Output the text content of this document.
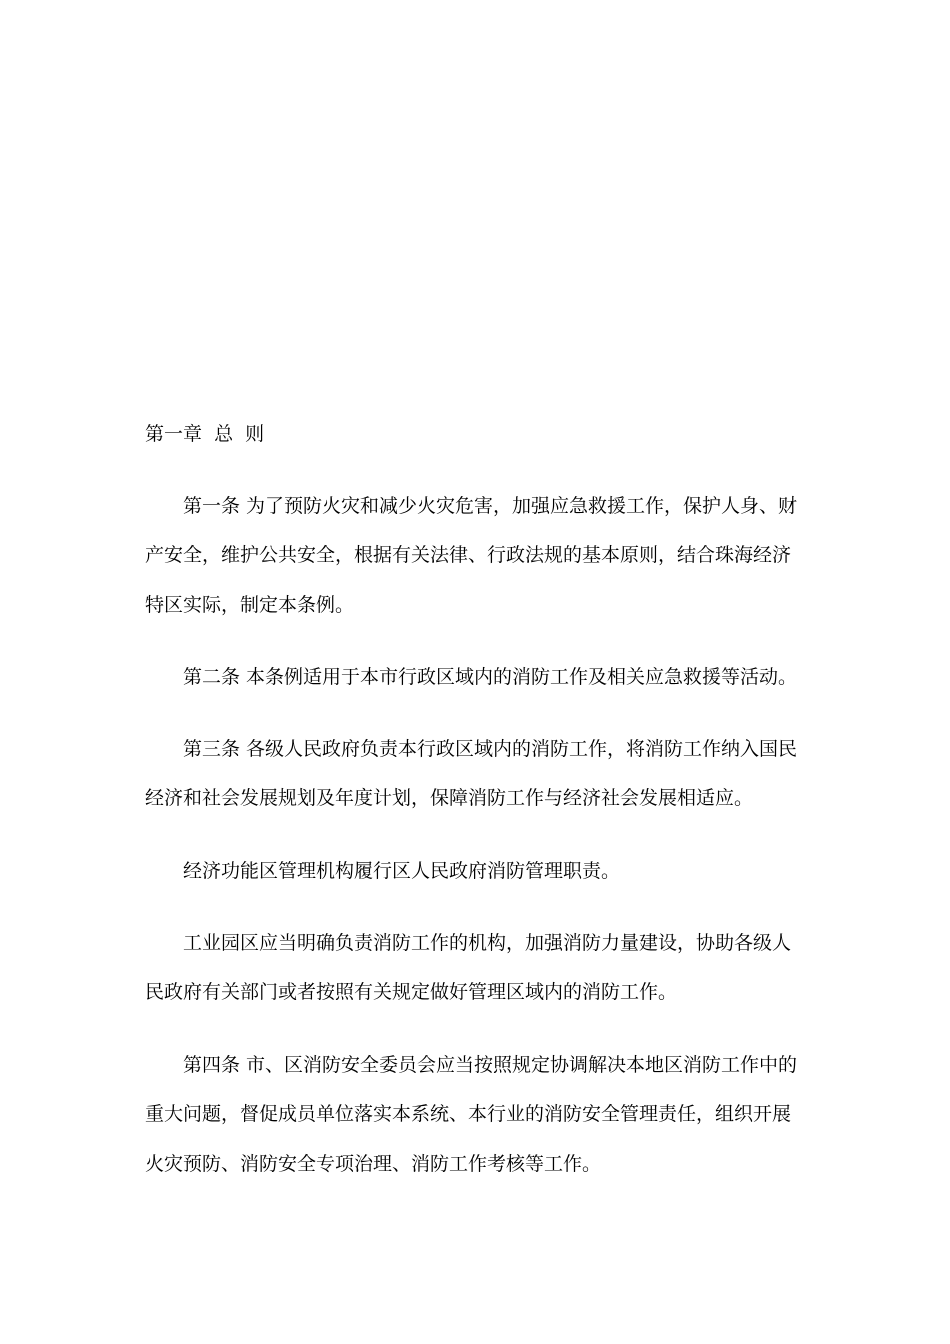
第一章  总  则

第一条 为了预防火灾和减少火灾危害，加强应急救援工作，保护人身、财

产安全，维护公共安全，根据有关法律、行政法规的基本原则，结合珠海经济

特区实际，制定本条例。

第二条 本条例适用于本市行政区域内的消防工作及相关应急救援等活动。

第三条 各级人民政府负责本行政区域内的消防工作，将消防工作纳入国民

经济和社会发展规划及年度计划，保障消防工作与经济社会发展相适应。

经济功能区管理机构履行区人民政府消防管理职责。

工业园区应当明确负责消防工作的机构，加强消防力量建设，协助各级人

民政府有关部门或者按照有关规定做好管理区域内的消防工作。

第四条 市、区消防安全委员会应当按照规定协调解决本地区消防工作中的

重大问题，督促成员单位落实本系统、本行业的消防安全管理责任，组织开展

火灾预防、消防安全专项治理、消防工作考核等工作。
